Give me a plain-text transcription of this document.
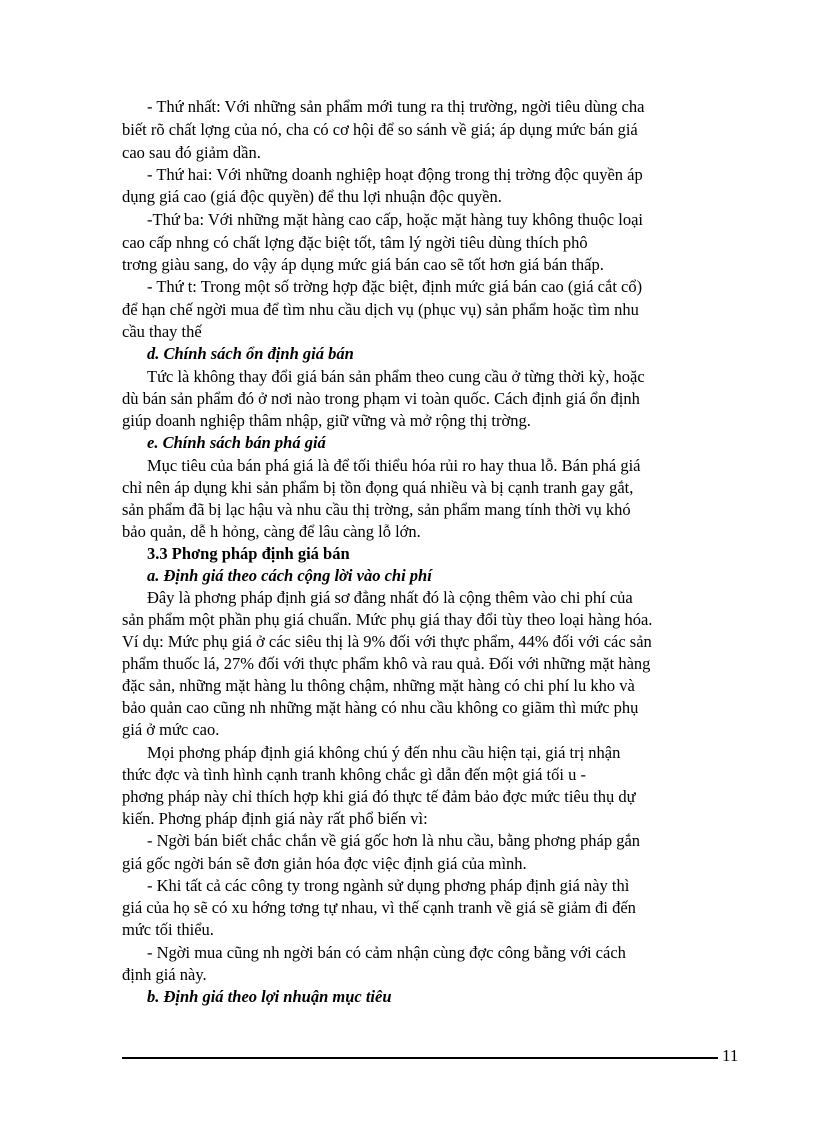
- Thứ nhất: Với những sản phẩm mới tung ra thị trường, ngời tiêu dùng cha
biết rõ chất lợng của nó, cha có cơ hội để so sánh về giá; áp dụng mức bán giá
cao sau đó giảm dần.
- Thứ hai: Với những doanh nghiệp hoạt động trong thị trờng độc quyền áp
dụng giá cao (giá độc quyền) để thu lợi nhuận độc quyền.
-Thứ ba: Với những mặt hàng cao cấp, hoặc mặt hàng tuy không thuộc loại
cao cấp nhng có chất lợng đặc biệt tốt, tâm lý ngời tiêu dùng thích phô
trơng giàu sang, do vậy áp dụng mức giá bán cao sẽ tốt hơn giá bán thấp.
- Thứ t: Trong một số trờng hợp đặc biệt, định mức giá bán cao (giá cắt cổ)
để hạn chế ngời mua để tìm nhu cầu dịch vụ (phục vụ) sản phẩm hoặc tìm nhu
cầu thay thế
d. Chính sách ổn định giá bán
Tức là không thay đổi giá bán sản phẩm theo cung cầu ở từng thời kỳ, hoặc
dù bán sản phẩm đó ở nơi nào trong phạm vi toàn quốc. Cách định giá ổn định
giúp doanh nghiệp thâm nhập, giữ vững và mở rộng thị trờng.
e. Chính sách bán phá giá
Mục tiêu của bán phá giá là để tối thiểu hóa rủi ro hay thua lỗ. Bán phá giá
chỉ nên áp dụng khi sản phẩm bị tồn đọng quá nhiều và bị cạnh tranh gay gắt,
sản phẩm đã bị lạc hậu và nhu cầu thị trờng, sản phẩm mang tính thời vụ khó
bảo quản, dễ h hỏng, càng để lâu càng lỗ lớn.
3.3 Phơng pháp định giá bán
a. Định giá theo cách cộng lời vào chi phí
Đây là phơng pháp định giá sơ đẳng nhất đó là cộng thêm vào chi phí của
sản phẩm một phần phụ giá chuẩn. Mức phụ giá thay đổi tùy theo loại hàng hóa.
Ví dụ: Mức phụ giá ở các siêu thị là 9% đối với thực phẩm, 44% đối với các sản
phẩm thuốc lá, 27% đối với thực phẩm khô và rau quả. Đối với những mặt hàng
đặc sản, những mặt hàng lu thông chậm, những mặt hàng có chi phí lu kho và
bảo quản cao cũng nh những mặt hàng có nhu cầu không co giãm thì mức phụ
giá ở mức cao.
Mọi phơng pháp định giá không chú ý đến nhu cầu hiện tại, giá trị nhận
thức đợc và tình hình cạnh tranh không chắc gì dẫn đến một giá tối u -
phơng pháp này chỉ thích hợp khi giá đó thực tế đảm bảo đợc mức tiêu thụ dự
kiến. Phơng pháp định giá này rất phổ biến vì:
- Ngời bán biết chắc chắn về giá gốc hơn là nhu cầu, bằng phơng pháp gắn
giá gốc ngời bán sẽ đơn giản hóa đợc việc định giá của mình.
- Khi tất cả các công ty trong ngành sử dụng phơng pháp định giá này thì
giá của họ sẽ có xu hớng tơng tự nhau, vì thế cạnh tranh về giá sẽ giảm đi đến
mức tối thiểu.
- Ngời mua cũng nh ngời bán có cảm nhận cùng đợc công bằng với cách
định giá này.
b. Định giá theo lợi nhuận mục tiêu
11
